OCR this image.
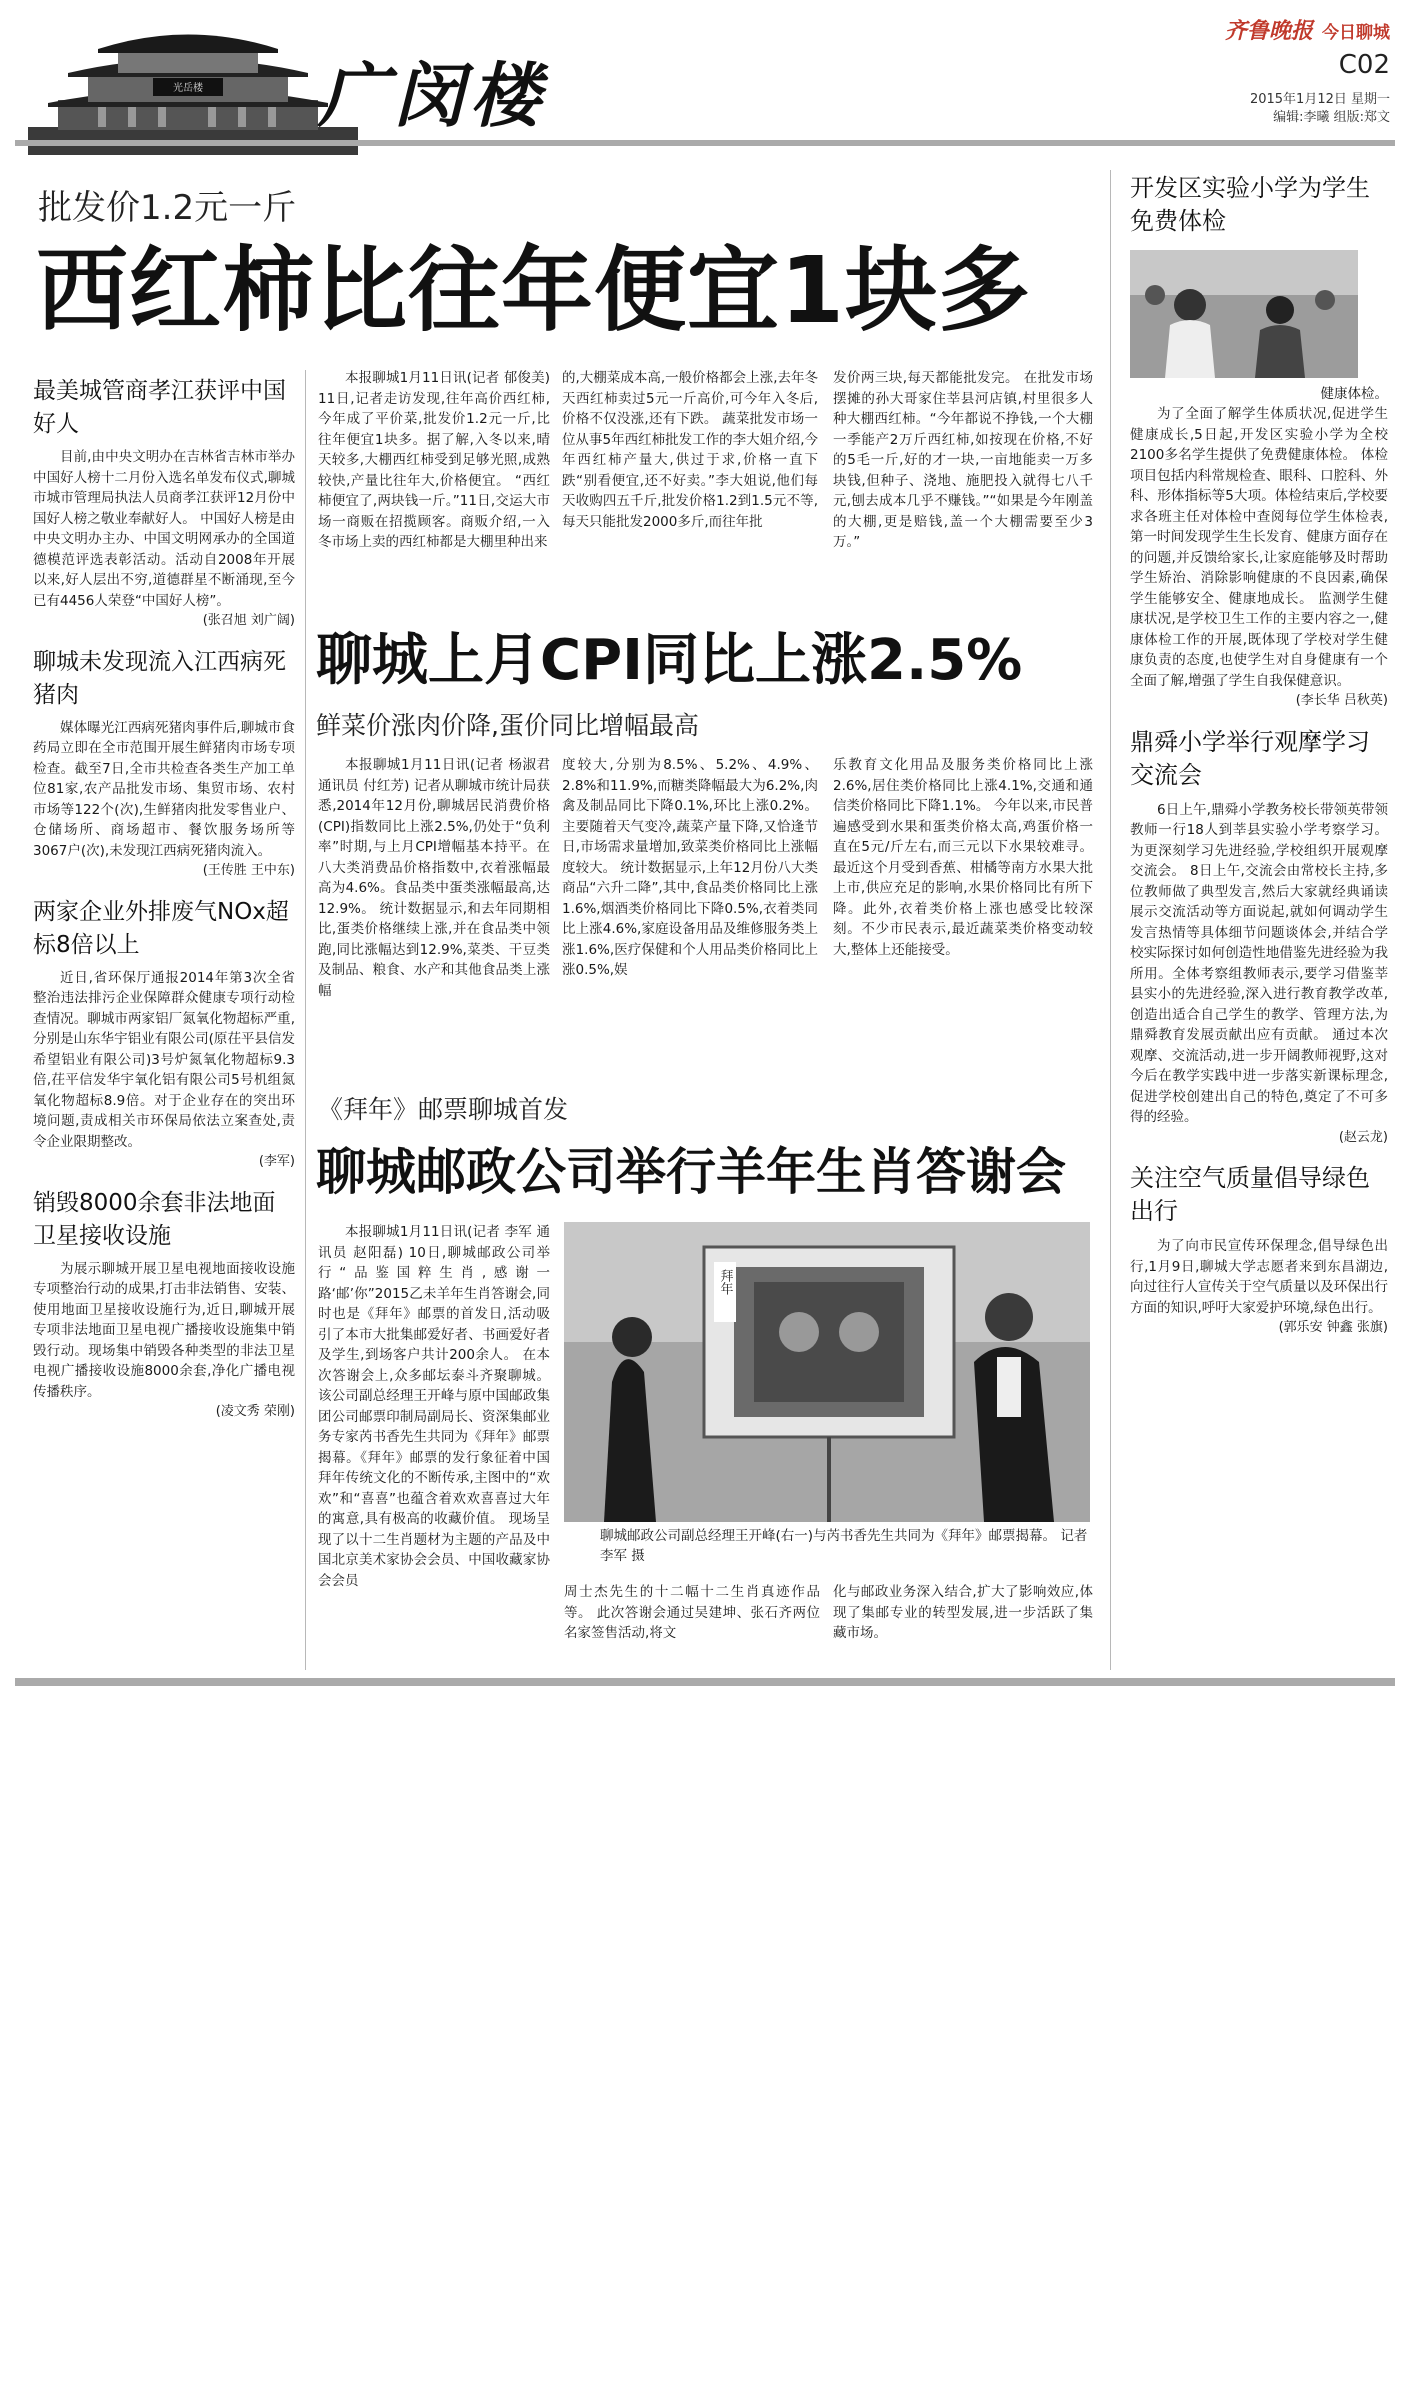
光岳楼 广闵楼
齐鲁晚报 今日聊城
C02
2015年1月12日 星期一
编辑:李曦 组版:郑文
最美城管商孝江获评中国好人

目前,由中央文明办在吉林省吉林市举办中国好人榜十二月份入选名单发布仪式,聊城市城市管理局执法人员商孝江获评12月份中国好人榜之敬业奉献好人。 中国好人榜是由中央文明办主办、中国文明网承办的全国道德模范评选表彰活动。活动自2008年开展以来,好人层出不穷,道德群星不断涌现,至今已有4456人荣登“中国好人榜”。

(张召旭 刘广阔)
聊城未发现流入江西病死猪肉

媒体曝光江西病死猪肉事件后,聊城市食药局立即在全市范围开展生鲜猪肉市场专项检查。截至7日,全市共检查各类生产加工单位81家,农产品批发市场、集贸市场、农村市场等122个(次),生鲜猪肉批发零售业户、仓储场所、商场超市、餐饮服务场所等3067户(次),未发现江西病死猪肉流入。

(王传胜 王中东)
两家企业外排废气NOx超标8倍以上

近日,省环保厅通报2014年第3次全省整治违法排污企业保障群众健康专项行动检查情况。聊城市两家铝厂氮氧化物超标严重,分别是山东华宇铝业有限公司(原茌平县信发希望铝业有限公司)3号炉氮氧化物超标9.3倍,茌平信发华宇氧化铝有限公司5号机组氮氧化物超标8.9倍。对于企业存在的突出环境问题,责成相关市环保局依法立案查处,责令企业限期整改。

(李军)
销毁8000余套非法地面卫星接收设施

为展示聊城开展卫星电视地面接收设施专项整治行动的成果,打击非法销售、安装、使用地面卫星接收设施行为,近日,聊城开展专项非法地面卫星电视广播接收设施集中销毁行动。现场集中销毁各种类型的非法卫星电视广播接收设施8000余套,净化广播电视传播秩序。

(凌文秀 荣刚)
批发价1.2元一斤
西红柿比往年便宜1块多

本报聊城1月11日讯(记者 郁俊美) 11日,记者走访发现,往年高价西红柿,今年成了平价菜,批发价1.2元一斤,比往年便宜1块多。据了解,入冬以来,晴天较多,大棚西红柿受到足够光照,成熟较快,产量比往年大,价格便宜。 “西红柿便宜了,两块钱一斤。”11日,交运大市场一商贩在招揽顾客。商贩介绍,一入冬市场上卖的西红柿都是大棚里种出来

的,大棚菜成本高,一般价格都会上涨,去年冬天西红柿卖过5元一斤高价,可今年入冬后,价格不仅没涨,还有下跌。 蔬菜批发市场一位从事5年西红柿批发工作的李大姐介绍,今年西红柿产量大,供过于求,价格一直下跌“别看便宜,还不好卖。”李大姐说,他们每天收购四五千斤,批发价格1.2到1.5元不等,每天只能批发2000多斤,而往年批

发价两三块,每天都能批发完。 在批发市场摆摊的孙大哥家住莘县河店镇,村里很多人种大棚西红柿。“今年都说不挣钱,一个大棚一季能产2万斤西红柿,如按现在价格,不好的5毛一斤,好的才一块,一亩地能卖一万多块钱,但种子、浇地、施肥投入就得七八千元,刨去成本几乎不赚钱。”“如果是今年刚盖的大棚,更是赔钱,盖一个大棚需要至少3万。”

聊城上月CPI同比上涨2.5%
鲜菜价涨肉价降,蛋价同比增幅最高

本报聊城1月11日讯(记者 杨淑君 通讯员 付红芳) 记者从聊城市统计局获悉,2014年12月份,聊城居民消费价格(CPI)指数同比上涨2.5%,仍处于“负利率”时期,与上月CPI增幅基本持平。在八大类消费品价格指数中,衣着涨幅最高为4.6%。食品类中蛋类涨幅最高,达12.9%。 统计数据显示,和去年同期相比,蛋类价格继续上涨,并在食品类中领跑,同比涨幅达到12.9%,菜类、干豆类及制品、粮食、水产和其他食品类上涨幅

度较大,分别为8.5%、5.2%、4.9%、2.8%和11.9%,而糖类降幅最大为6.2%,肉禽及制品同比下降0.1%,环比上涨0.2%。主要随着天气变冷,蔬菜产量下降,又恰逢节日,市场需求量增加,致菜类价格同比上涨幅度较大。 统计数据显示,上年12月份八大类商品“六升二降”,其中,食品类价格同比上涨1.6%,烟酒类价格同比下降0.5%,衣着类同比上涨4.6%,家庭设备用品及维修服务类上涨1.6%,医疗保健和个人用品类价格同比上涨0.5%,娱

乐教育文化用品及服务类价格同比上涨2.6%,居住类价格同比上涨4.1%,交通和通信类价格同比下降1.1%。 今年以来,市民普遍感受到水果和蛋类价格太高,鸡蛋价格一直在5元/斤左右,而三元以下水果较难寻。最近这个月受到香蕉、柑橘等南方水果大批上市,供应充足的影响,水果价格同比有所下降。此外,衣着类价格上涨也感受比较深刻。不少市民表示,最近蔬菜类价格变动较大,整体上还能接受。

《拜年》邮票聊城首发
聊城邮政公司举行羊年生肖答谢会

本报聊城1月11日讯(记者 李军 通讯员 赵阳磊) 10日,聊城邮政公司举行“品鉴国粹生肖,感谢一路‘邮’你”2015乙未羊年生肖答谢会,同时也是《拜年》邮票的首发日,活动吸引了本市大批集邮爱好者、书画爱好者及学生,到场客户共计200余人。 在本次答谢会上,众多邮坛泰斗齐聚聊城。该公司副总经理王开峰与原中国邮政集团公司邮票印制局副局长、资深集邮业务专家芮书香先生共同为《拜年》邮票揭幕。《拜年》邮票的发行象征着中国拜年传统文化的不断传承,主图中的“欢欢”和“喜喜”也蕴含着欢欢喜喜过大年的寓意,具有极高的收藏价值。 现场呈现了以十二生肖题材为主题的产品及中国北京美术家协会会员、中国收藏家协会会员

拜年
聊城邮政公司副总经理王开峰(右一)与芮书香先生共同为《拜年》邮票揭幕。 记者 李军 摄

周士杰先生的十二幅十二生肖真迹作品等。 此次答谢会通过吴建坤、张石齐两位名家签售活动,将文

化与邮政业务深入结合,扩大了影响效应,体现了集邮专业的转型发展,进一步活跃了集藏市场。

开发区实验小学为学生免费体检
健康体检。

为了全面了解学生体质状况,促进学生健康成长,5日起,开发区实验小学为全校2100多名学生提供了免费健康体检。 体检项目包括内科常规检查、眼科、口腔科、外科、形体指标等5大项。体检结束后,学校要求各班主任对体检中查阅每位学生体检表,第一时间发现学生生长发育、健康方面存在的问题,并反馈给家长,让家庭能够及时帮助学生矫治、消除影响健康的不良因素,确保学生能够安全、健康地成长。 监测学生健康状况,是学校卫生工作的主要内容之一,健康体检工作的开展,既体现了学校对学生健康负责的态度,也使学生对自身健康有一个全面了解,增强了学生自我保健意识。

(李长华 吕秋英)
鼎舜小学举行观摩学习交流会

6日上午,鼎舜小学教务校长带领英带领教师一行18人到莘县实验小学考察学习。为更深刻学习先进经验,学校组织开展观摩交流会。 8日上午,交流会由常校长主持,多位教师做了典型发言,然后大家就经典诵读展示交流活动等方面说起,就如何调动学生发言热情等具体细节问题谈体会,并结合学校实际探讨如何创造性地借鉴先进经验为我所用。全体考察组教师表示,要学习借鉴莘县实小的先进经验,深入进行教育教学改革,创造出适合自己学生的教学、管理方法,为鼎舜教育发展贡献出应有贡献。 通过本次观摩、交流活动,进一步开阔教师视野,这对今后在教学实践中进一步落实新课标理念,促进学校创建出自己的特色,奠定了不可多得的经验。

(赵云龙)
关注空气质量倡导绿色出行

为了向市民宣传环保理念,倡导绿色出行,1月9日,聊城大学志愿者来到东昌湖边,向过往行人宣传关于空气质量以及环保出行方面的知识,呼吁大家爱护环境,绿色出行。

(郭乐安 钟鑫 张旗)
